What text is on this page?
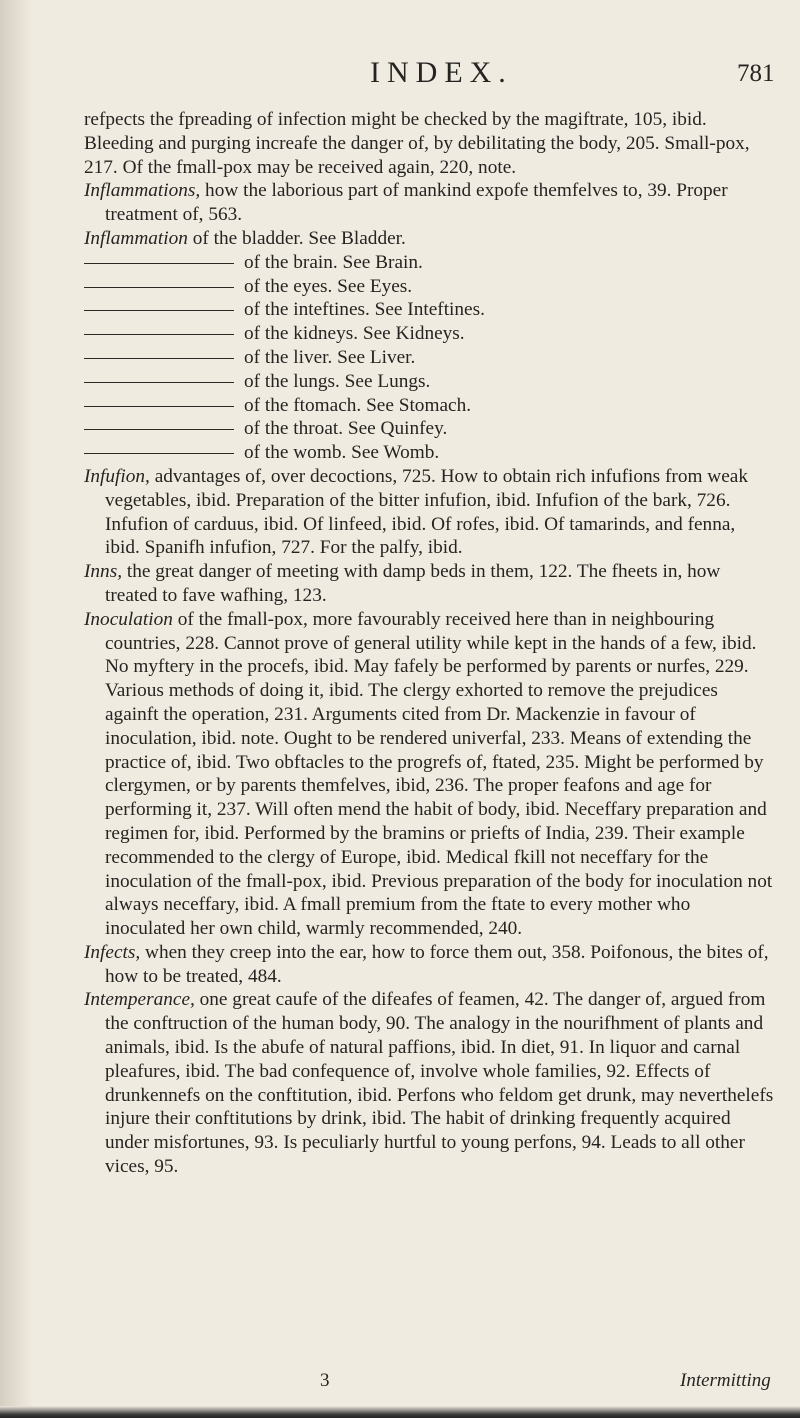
INDEX.	781

refpects the fpreading of infection might be checked by the magiftrate, 105, ibid. Bleeding and purging increafe the danger of, by debilitating the body, 205. Small-pox, 217. Of the fmall-pox may be received again, 220, note.

Inflammations, how the laborious part of mankind expofe themfelves to, 39. Proper treatment of, 563.

Inflammation of the bladder. See Bladder.

of the brain. See Brain.
of the eyes. See Eyes.
of the inteftines. See Inteftines.
of the kidneys. See Kidneys.
of the liver. See Liver.
of the lungs. See Lungs.
of the ftomach. See Stomach.
of the throat. See Quinfey.
of the womb. See Womb.

Infufion, advantages of, over decoctions, 725. How to obtain rich infufions from weak vegetables, ibid. Preparation of the bitter infufion, ibid. Infufion of the bark, 726. Infufion of carduus, ibid. Of linfeed, ibid. Of rofes, ibid. Of tamarinds, and fenna, ibid. Spanifh infufion, 727. For the palfy, ibid.

Inns, the great danger of meeting with damp beds in them, 122. The fheets in, how treated to fave wafhing, 123.

Inoculation of the fmall-pox, more favourably received here than in neighbouring countries, 228. Cannot prove of general utility while kept in the hands of a few, ibid. No myftery in the procefs, ibid. May fafely be performed by parents or nurfes, 229. Various methods of doing it, ibid. The clergy exhorted to remove the prejudices againft the operation, 231. Arguments cited from Dr. Mackenzie in favour of inoculation, ibid. note. Ought to be rendered univerfal, 233. Means of extending the practice of, ibid. Two obftacles to the progrefs of, ftated, 235. Might be performed by clergymen, or by parents themfelves, ibid, 236. The proper feafons and age for performing it, 237. Will often mend the habit of body, ibid. Neceffary preparation and regimen for, ibid. Performed by the bramins or priefts of India, 239. Their example recommended to the clergy of Europe, ibid. Medical fkill not neceffary for the inoculation of the fmall-pox, ibid. Previous preparation of the body for inoculation not always neceffary, ibid. A fmall premium from the ftate to every mother who inoculated her own child, warmly recommended, 240.

Infects, when they creep into the ear, how to force them out, 358. Poifonous, the bites of, how to be treated, 484.

Intemperance, one great caufe of the difeafes of feamen, 42. The danger of, argued from the conftruction of the human body, 90. The analogy in the nourifhment of plants and animals, ibid. Is the abufe of natural paffions, ibid. In diet, 91. In liquor and carnal pleafures, ibid. The bad confequence of, involve whole families, 92. Effects of drunkennefs on the conftitution, ibid. Perfons who feldom get drunk, may neverthelefs injure their conftitutions by drink, ibid. The habit of drinking frequently acquired under misfortunes, 93. Is peculiarly hurtful to young perfons, 94. Leads to all other vices, 95.

3	Intermitting
